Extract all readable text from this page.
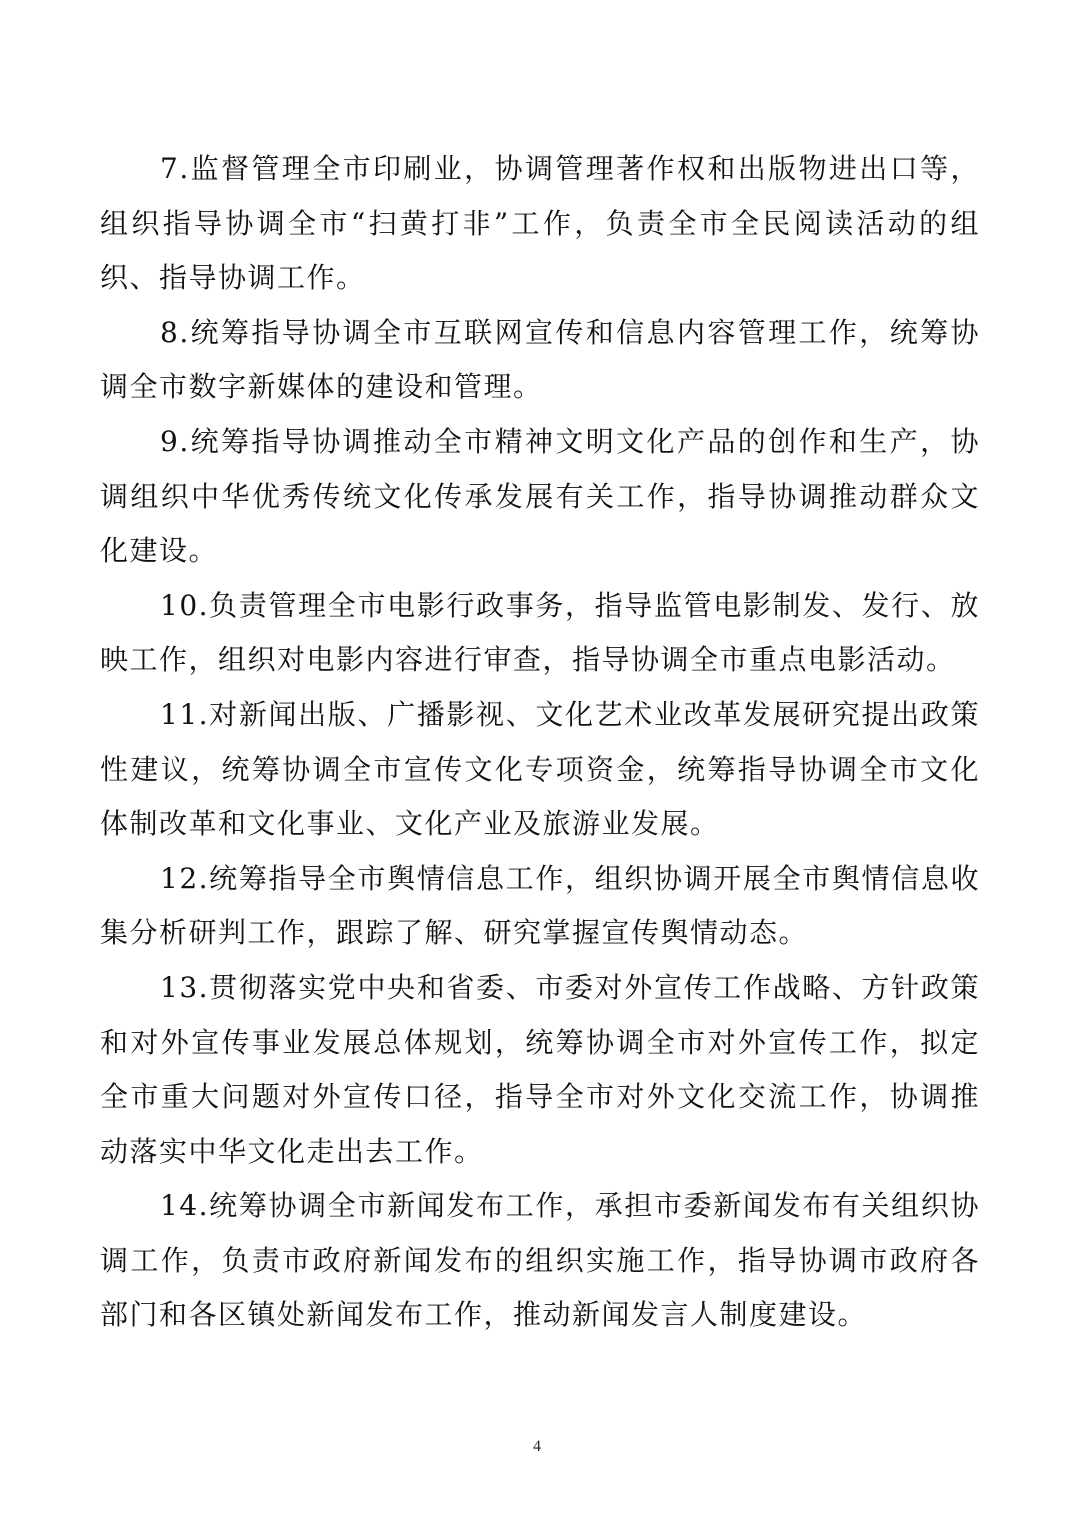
7.监督管理全市印刷业，协调管理著作权和出版物进出口等，组织指导协调全市“扫黄打非”工作，负责全市全民阅读活动的组织、指导协调工作。

8.统筹指导协调全市互联网宣传和信息内容管理工作，统筹协调全市数字新媒体的建设和管理。

9.统筹指导协调推动全市精神文明文化产品的创作和生产，协调组织中华优秀传统文化传承发展有关工作，指导协调推动群众文化建设。

10.负责管理全市电影行政事务，指导监管电影制发、发行、放映工作，组织对电影内容进行审查，指导协调全市重点电影活动。

11.对新闻出版、广播影视、文化艺术业改革发展研究提出政策性建议，统筹协调全市宣传文化专项资金，统筹指导协调全市文化体制改革和文化事业、文化产业及旅游业发展。

12.统筹指导全市舆情信息工作，组织协调开展全市舆情信息收集分析研判工作，跟踪了解、研究掌握宣传舆情动态。

13.贯彻落实党中央和省委、市委对外宣传工作战略、方针政策和对外宣传事业发展总体规划，统筹协调全市对外宣传工作，拟定全市重大问题对外宣传口径，指导全市对外文化交流工作，协调推动落实中华文化走出去工作。

14.统筹协调全市新闻发布工作，承担市委新闻发布有关组织协调工作，负责市政府新闻发布的组织实施工作，指导协调市政府各部门和各区镇处新闻发布工作，推动新闻发言人制度建设。

4
